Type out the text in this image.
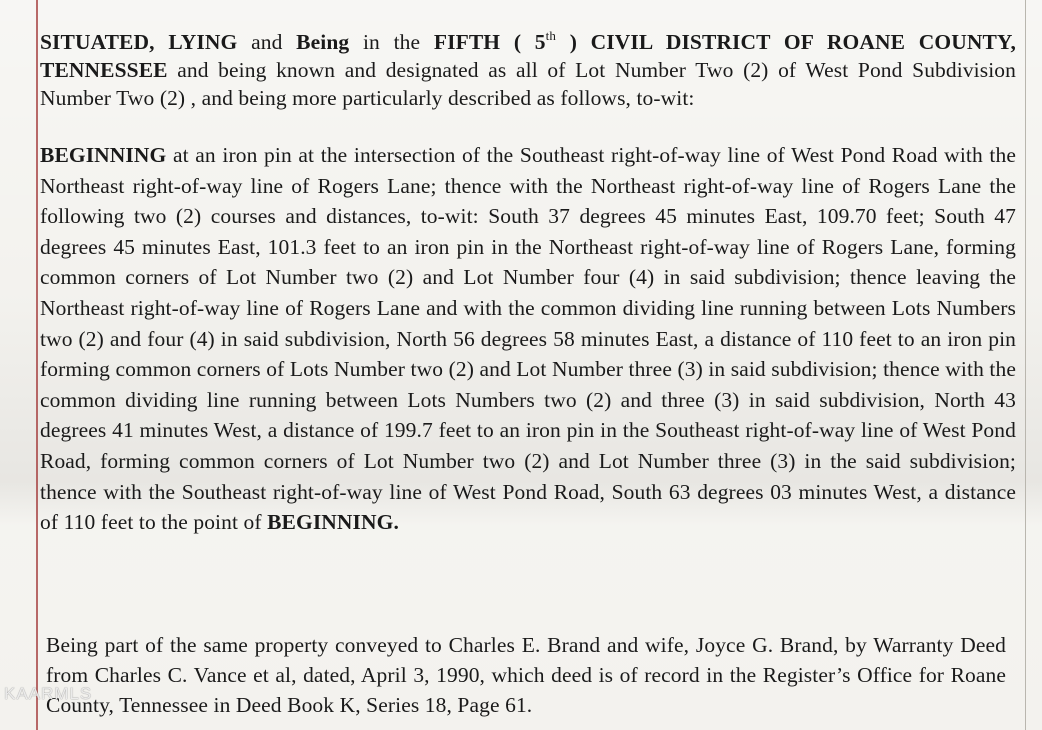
SITUATED, LYING and Being in the FIFTH ( 5th ) CIVIL DISTRICT OF ROANE COUNTY, TENNESSEE and being known and designated as all of Lot Number Two (2) of West Pond Subdivision Number Two (2) , and being more particularly described as follows, to-wit:
BEGINNING at an iron pin at the intersection of the Southeast right-of-way line of West Pond Road with the Northeast right-of-way line of Rogers Lane; thence with the Northeast right-of-way line of Rogers Lane the following two (2) courses and distances, to-wit: South 37 degrees 45 minutes East, 109.70 feet; South 47 degrees 45 minutes East, 101.3 feet to an iron pin in the Northeast right-of-way line of Rogers Lane, forming common corners of Lot Number two (2) and Lot Number four (4) in said subdivision; thence leaving the Northeast right-of-way line of Rogers Lane and with the common dividing line running between Lots Numbers two (2) and four (4) in said subdivision, North 56 degrees 58 minutes East, a distance of 110 feet to an iron pin forming common corners of Lots Number two (2) and Lot Number three (3) in said subdivision; thence with the common dividing line running between Lots Numbers two (2) and three (3) in said subdivision, North 43 degrees 41 minutes West, a distance of 199.7 feet to an iron pin in the Southeast right-of-way line of West Pond Road, forming common corners of Lot Number two (2) and Lot Number three (3) in the said subdivision; thence with the Southeast right-of-way line of West Pond Road, South 63 degrees 03 minutes West, a distance of 110 feet to the point of BEGINNING.
Being part of the same property conveyed to Charles E. Brand and wife, Joyce G. Brand, by Warranty Deed from Charles C. Vance et al, dated, April 3, 1990, which deed is of record in the Register’s Office for Roane County, Tennessee in Deed Book K, Series 18, Page 61.
KAARMLS
